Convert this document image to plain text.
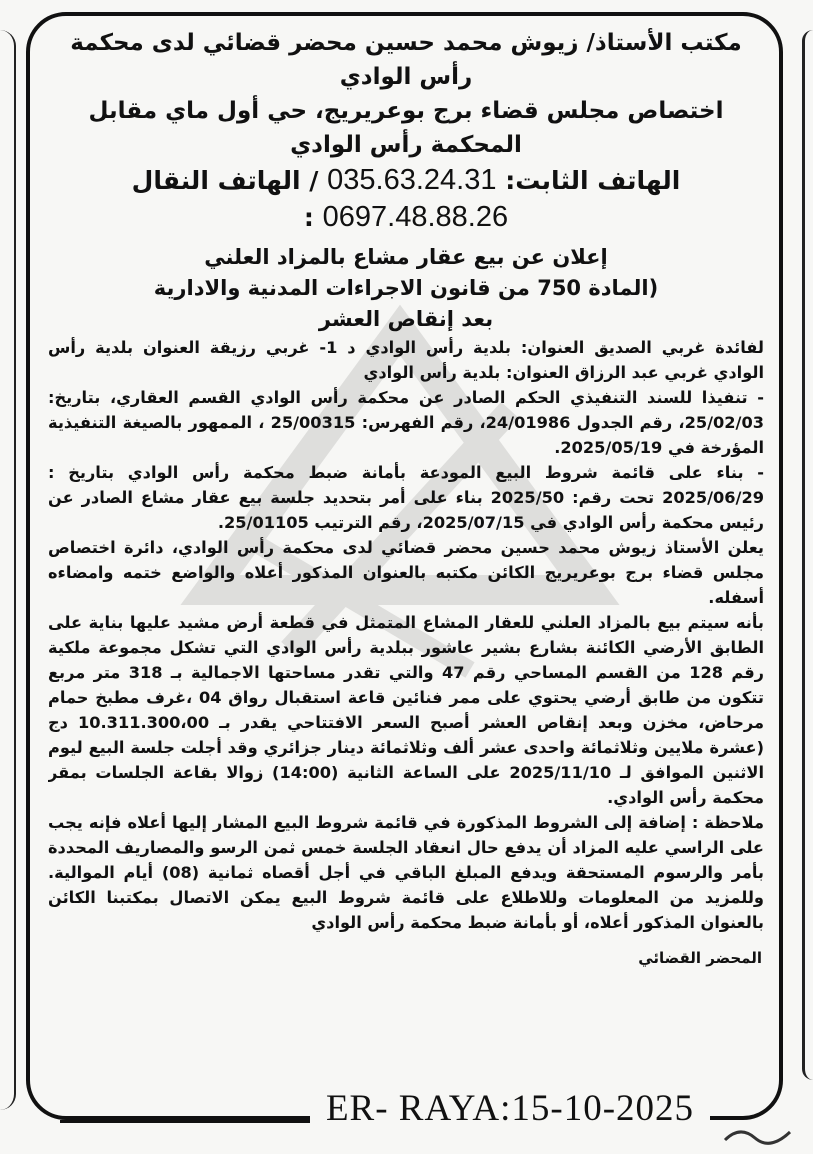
مكتب الأستاذ/ زيوش محمد حسين محضر قضائي لدى محكمة رأس الوادي

اختصاص مجلس قضاء برج بوعريريج، حي أول ماي مقابل المحكمة رأس الوادي

الهاتف الثابت: 035.63.24.31 / الهاتف النقال

0697.48.88.26 :

إعلان عن بيع عقار مشاع بالمزاد العلني

(المادة 750 من قانون الاجراءات المدنية والادارية

بعد إنقاص العشر

لفائدة غربي الصديق العنوان: بلدية رأس الوادي د 1- غربي رزيقة العنوان بلدية رأس الوادي غربي عبد الرزاق العنوان: بلدية رأس الوادي

- تنفيذا للسند التنفيذي الحكم الصادر عن محكمة رأس الوادي القسم العقاري، بتاريخ: 25/02/03، رقم الجدول 24/01986، رقم الفهرس: 25/00315 ، الممهور بالصيغة التنفيذية المؤرخة في 2025/05/19.

- بناء على قائمة شروط البيع المودعة بأمانة ضبط محكمة رأس الوادي بتاريخ : 2025/06/29 تحت رقم: 2025/50 بناء على أمر بتحديد جلسة بيع عقار مشاع الصادر عن رئيس محكمة رأس الوادي في 2025/07/15، رقم الترتيب 25/01105.

يعلن الأستاذ زيوش محمد حسين محضر قضائي لدى محكمة رأس الوادي، دائرة اختصاص مجلس قضاء برج بوعريريج الكائن مكتبه بالعنوان المذكور أعلاه والواضع ختمه وامضاءه أسفله.

بأنه سيتم بيع بالمزاد العلني للعقار المشاع المتمثل في قطعة أرض مشيد عليها بناية على الطابق الأرضي الكائنة بشارع بشير عاشور ببلدية رأس الوادي التي تشكل مجموعة ملكية رقم 128 من القسم المساحي رقم 47 والتي تقدر مساحتها الاجمالية بـ 318 متر مربع تتكون من طابق أرضي يحتوي على ممر فنائين قاعة استقبال رواق 04 ،غرف مطبخ حمام مرحاض، مخزن وبعد إنقاص العشر أصبح السعر الافتتاحي يقدر بـ 10.311.300،00 دج (عشرة ملايين وثلاثمائة واحدى عشر ألف وثلاثمائة دينار جزائري وقد أجلت جلسة البيع ليوم الاثنين الموافق لـ 2025/11/10 على الساعة الثانية (14:00) زوالا بقاعة الجلسات بمقر محكمة رأس الوادي.

ملاحظة : إضافة إلى الشروط المذكورة في قائمة شروط البيع المشار إليها أعلاه فإنه يجب على الراسي عليه المزاد أن يدفع حال انعقاد الجلسة خمس ثمن الرسو والمصاريف المحددة بأمر والرسوم المستحقة ويدفع المبلغ الباقي في أجل أقصاه ثمانية (08) أيام الموالية. وللمزيد من المعلومات وللاطلاع على قائمة شروط البيع يمكن الاتصال بمكتبنا الكائن بالعنوان المذكور أعلاه، أو بأمانة ضبط محكمة رأس الوادي

المحضر القضائي

ER- RAYA:15-10-2025
